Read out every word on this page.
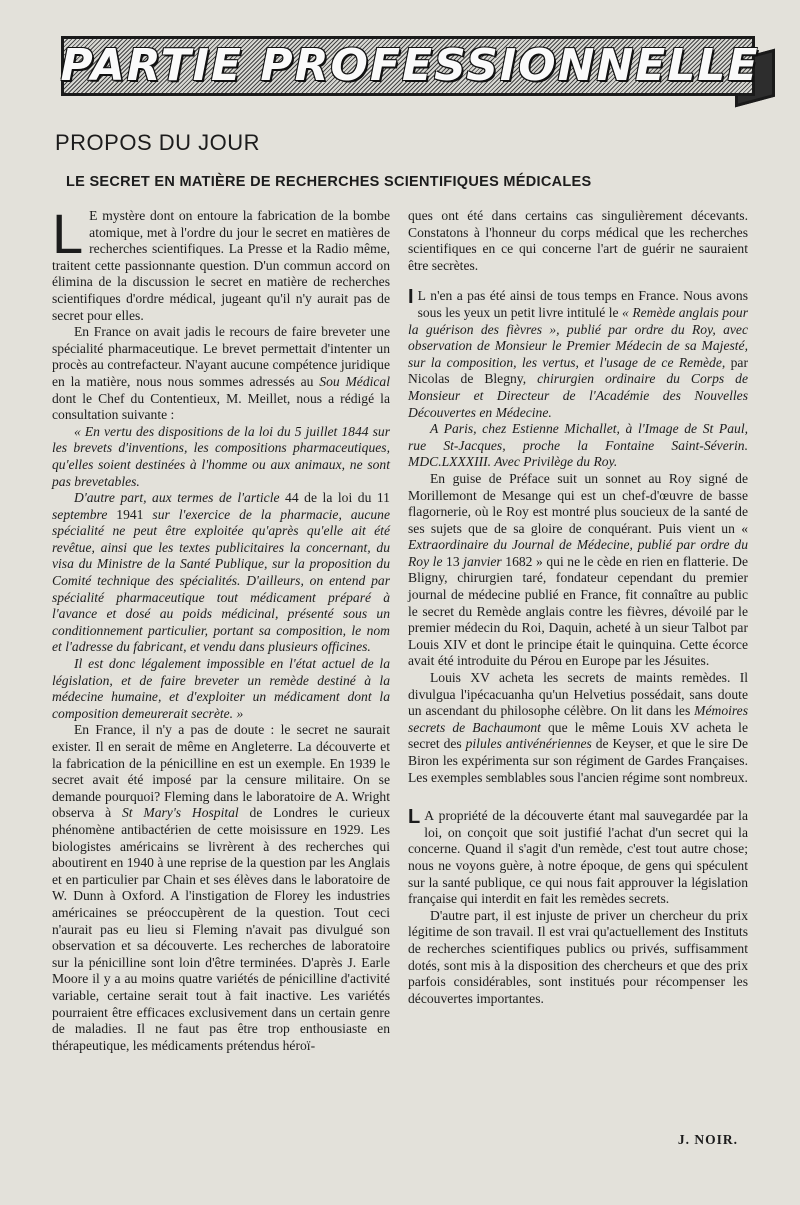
PARTIE PROFESSIONNELLE
PROPOS DU JOUR
LE SECRET EN MATIÈRE DE RECHERCHES SCIENTIFIQUES MÉDICALES

L E mystère dont on entoure la fabrication de la bombe atomique, met à l'ordre du jour le secret en matières de recherches scientifiques. La Presse et la Radio même, traitent cette passionnante question. D'un commun accord on élimina de la discussion le secret en matière de recherches scientifiques d'ordre médical, jugeant qu'il n'y aurait pas de secret pour elles.

En France on avait jadis le recours de faire breveter une spécialité pharmaceutique. Le brevet permettait d'intenter un procès au contrefacteur. N'ayant aucune compétence juridique en la matière, nous nous sommes adressés au Sou Médical dont le Chef du Contentieux, M. Meillet, nous a rédigé la consultation suivante :

« En vertu des dispositions de la loi du 5 juillet 1844 sur les brevets d'inventions, les compositions pharmaceutiques, qu'elles soient destinées à l'homme ou aux animaux, ne sont pas brevetables.

D'autre part, aux termes de l'article 44 de la loi du 11 septembre 1941 sur l'exercice de la pharmacie, aucune spécialité ne peut être exploitée qu'après qu'elle ait été revêtue, ainsi que les textes publicitaires la concernant, du visa du Ministre de la Santé Publique, sur la proposition du Comité technique des spécialités. D'ailleurs, on entend par spécialité pharmaceutique tout médicament préparé à l'avance et dosé au poids médicinal, présenté sous un conditionnement particulier, portant sa composition, le nom et l'adresse du fabricant, et vendu dans plusieurs officines.

Il est donc légalement impossible en l'état actuel de la législation, et de faire breveter un remède destiné à la médecine humaine, et d'exploiter un médicament dont la composition demeurerait secrète. »

En France, il n'y a pas de doute : le secret ne saurait exister. Il en serait de même en Angleterre. La découverte et la fabrication de la pénicilline en est un exemple. En 1939 le secret avait été imposé par la censure militaire. On se demande pourquoi? Fleming dans le laboratoire de A. Wright observa à St Mary's Hospital de Londres le curieux phénomène antibactérien de cette moisissure en 1929. Les biologistes américains se livrèrent à des recherches qui aboutirent en 1940 à une reprise de la question par les Anglais et en particulier par Chain et ses élèves dans le laboratoire de W. Dunn à Oxford. A l'instigation de Florey les industries américaines se préoccupèrent de la question. Tout ceci n'aurait pas eu lieu si Fleming n'avait pas divulgué son observation et sa découverte. Les recherches de laboratoire sur la pénicilline sont loin d'être terminées. D'après J. Earle Moore il y a au moins quatre variétés de pénicilline d'activité variable, certaine serait tout à fait inactive. Les variétés pourraient être efficaces exclusivement dans un certain genre de maladies. Il ne faut pas être trop enthousiaste en thérapeutique, les médicaments prétendus héroï-

ques ont été dans certains cas singulièrement décevants. Constatons à l'honneur du corps médical que les recherches scientifiques en ce qui concerne l'art de guérir ne sauraient être secrètes.

I L n'en a pas été ainsi de tous temps en France. Nous avons sous les yeux un petit livre intitulé le « Remède anglais pour la guérison des fièvres », publié par ordre du Roy, avec observation de Monsieur le Premier Médecin de sa Majesté, sur la composition, les vertus, et l'usage de ce Remède, par Nicolas de Blegny, chirurgien ordinaire du Corps de Monsieur et Directeur de l'Académie des Nouvelles Découvertes en Médecine.

A Paris, chez Estienne Michallet, à l'Image de St Paul, rue St-Jacques, proche la Fontaine Saint-Séverin. MDC.LXXXIII. Avec Privilège du Roy.

En guise de Préface suit un sonnet au Roy signé de Morillemont de Mesange qui est un chef-d'œuvre de basse flagornerie, où le Roy est montré plus soucieux de la santé de ses sujets que de sa gloire de conquérant. Puis vient un « Extraordinaire du Journal de Médecine, publié par ordre du Roy le 13 janvier 1682 » qui ne le cède en rien en flatterie. De Bligny, chirurgien taré, fondateur cependant du premier journal de médecine publié en France, fit connaître au public le secret du Remède anglais contre les fièvres, dévoilé par le premier médecin du Roi, Daquin, acheté à un sieur Talbot par Louis XIV et dont le principe était le quinquina. Cette écorce avait été introduite du Pérou en Europe par les Jésuites.

Louis XV acheta les secrets de maints remèdes. Il divulgua l'ipécacuanha qu'un Helvetius possédait, sans doute un ascendant du philosophe célèbre. On lit dans les Mémoires secrets de Bachaumont que le même Louis XV acheta le secret des pilules antivénériennes de Keyser, et que le sire De Biron les expérimenta sur son régiment de Gardes Françaises. Les exemples semblables sous l'ancien régime sont nombreux.

L A propriété de la découverte étant mal sauvegardée par la loi, on conçoit que soit justifié l'achat d'un secret qui la concerne. Quand il s'agit d'un remède, c'est tout autre chose; nous ne voyons guère, à notre époque, de gens qui spéculent sur la santé publique, ce qui nous fait approuver la législation française qui interdit en fait les remèdes secrets.

D'autre part, il est injuste de priver un chercheur du prix légitime de son travail. Il est vrai qu'actuellement des Instituts de recherches scientifiques publics ou privés, suffisamment dotés, sont mis à la disposition des chercheurs et que des prix parfois considérables, sont institués pour récompenser les découvertes importantes.

J. NOIR.
